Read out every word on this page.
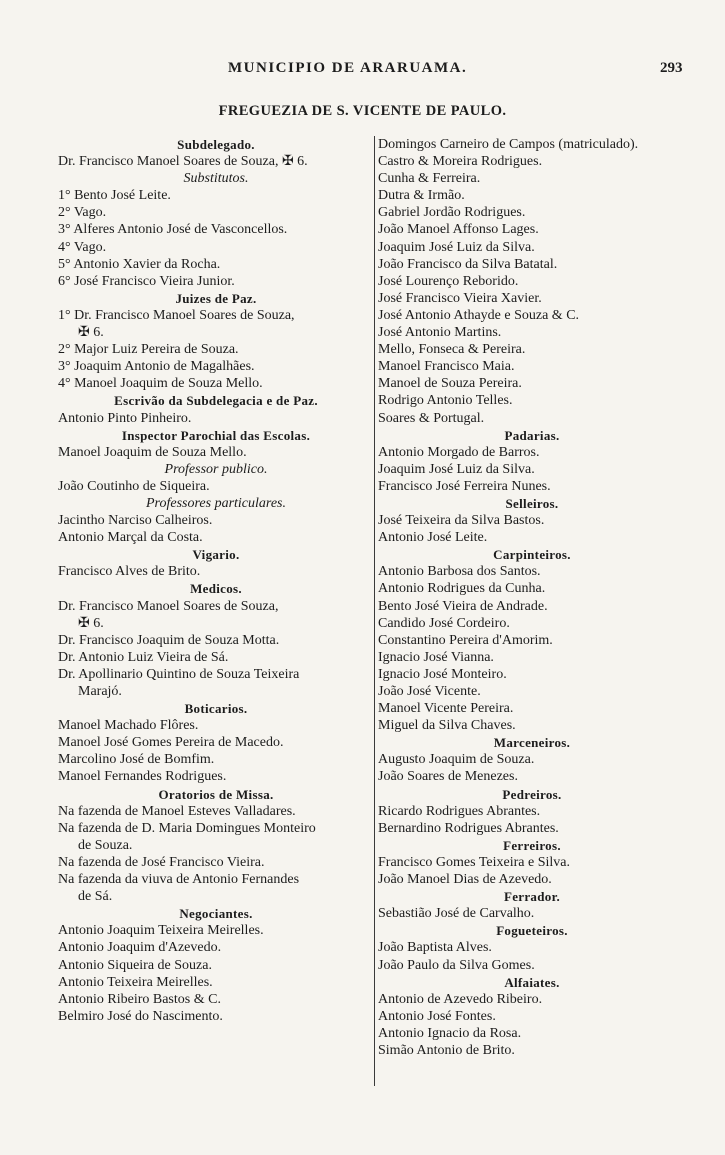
MUNICIPIO DE ARARUAMA.	293
FREGUEZIA DE S. VICENTE DE PAULO.
Subdelegado.
Dr. Francisco Manoel Soares de Souza, ✠ 6.
Substitutos.
1° Bento José Leite.
2° Vago.
3° Alferes Antonio José de Vasconcellos.
4° Vago.
5° Antonio Xavier da Rocha.
6° José Francisco Vieira Junior.
Juizes de Paz.
1° Dr. Francisco Manoel Soares de Souza,
✠ 6.
2° Major Luiz Pereira de Souza.
3° Joaquim Antonio de Magalhães.
4° Manoel Joaquim de Souza Mello.
Escrivão da Subdelegacia e de Paz.
Antonio Pinto Pinheiro.
Inspector Parochial das Escolas.
Manoel Joaquim de Souza Mello.
Professor publico.
João Coutinho de Siqueira.
Professores particulares.
Jacintho Narciso Calheiros.
Antonio Marçal da Costa.
Vigario.
Francisco Alves de Brito.
Medicos.
Dr. Francisco Manoel Soares de Souza,
✠ 6.
Dr. Francisco Joaquim de Souza Motta.
Dr. Antonio Luiz Vieira de Sá.
Dr. Apollinario Quintino de Souza Teixeira
Marajó.
Boticarios.
Manoel Machado Flôres.
Manoel José Gomes Pereira de Macedo.
Marcolino José de Bomfim.
Manoel Fernandes Rodrigues.
Oratorios de Missa.
Na fazenda de Manoel Esteves Valladares.
Na fazenda de D. Maria Domingues Monteiro
de Souza.
Na fazenda de José Francisco Vieira.
Na fazenda da viuva de Antonio Fernandes
de Sá.
Negociantes.
Antonio Joaquim Teixeira Meirelles.
Antonio Joaquim d'Azevedo.
Antonio Siqueira de Souza.
Antonio Teixeira Meirelles.
Antonio Ribeiro Bastos & C.
Belmiro José do Nascimento.
Domingos Carneiro de Campos (matriculado).
Castro & Moreira Rodrigues.
Cunha & Ferreira.
Dutra & Irmão.
Gabriel Jordão Rodrigues.
João Manoel Affonso Lages.
Joaquim José Luiz da Silva.
João Francisco da Silva Batatal.
José Lourenço Reborido.
José Francisco Vieira Xavier.
José Antonio Athayde e Souza & C.
José Antonio Martins.
Mello, Fonseca & Pereira.
Manoel Francisco Maia.
Manoel de Souza Pereira.
Rodrigo Antonio Telles.
Soares & Portugal.
Padarias.
Antonio Morgado de Barros.
Joaquim José Luiz da Silva.
Francisco José Ferreira Nunes.
Selleiros.
José Teixeira da Silva Bastos.
Antonio José Leite.
Carpinteiros.
Antonio Barbosa dos Santos.
Antonio Rodrigues da Cunha.
Bento José Vieira de Andrade.
Candido José Cordeiro.
Constantino Pereira d'Amorim.
Ignacio José Vianna.
Ignacio José Monteiro.
João José Vicente.
Manoel Vicente Pereira.
Miguel da Silva Chaves.
Marceneiros.
Augusto Joaquim de Souza.
João Soares de Menezes.
Pedreiros.
Ricardo Rodrigues Abrantes.
Bernardino Rodrigues Abrantes.
Ferreiros.
Francisco Gomes Teixeira e Silva.
João Manoel Dias de Azevedo.
Ferrador.
Sebastião José de Carvalho.
Fogueteiros.
João Baptista Alves.
João Paulo da Silva Gomes.
Alfaiates.
Antonio de Azevedo Ribeiro.
Antonio José Fontes.
Antonio Ignacio da Rosa.
Simão Antonio de Brito.
